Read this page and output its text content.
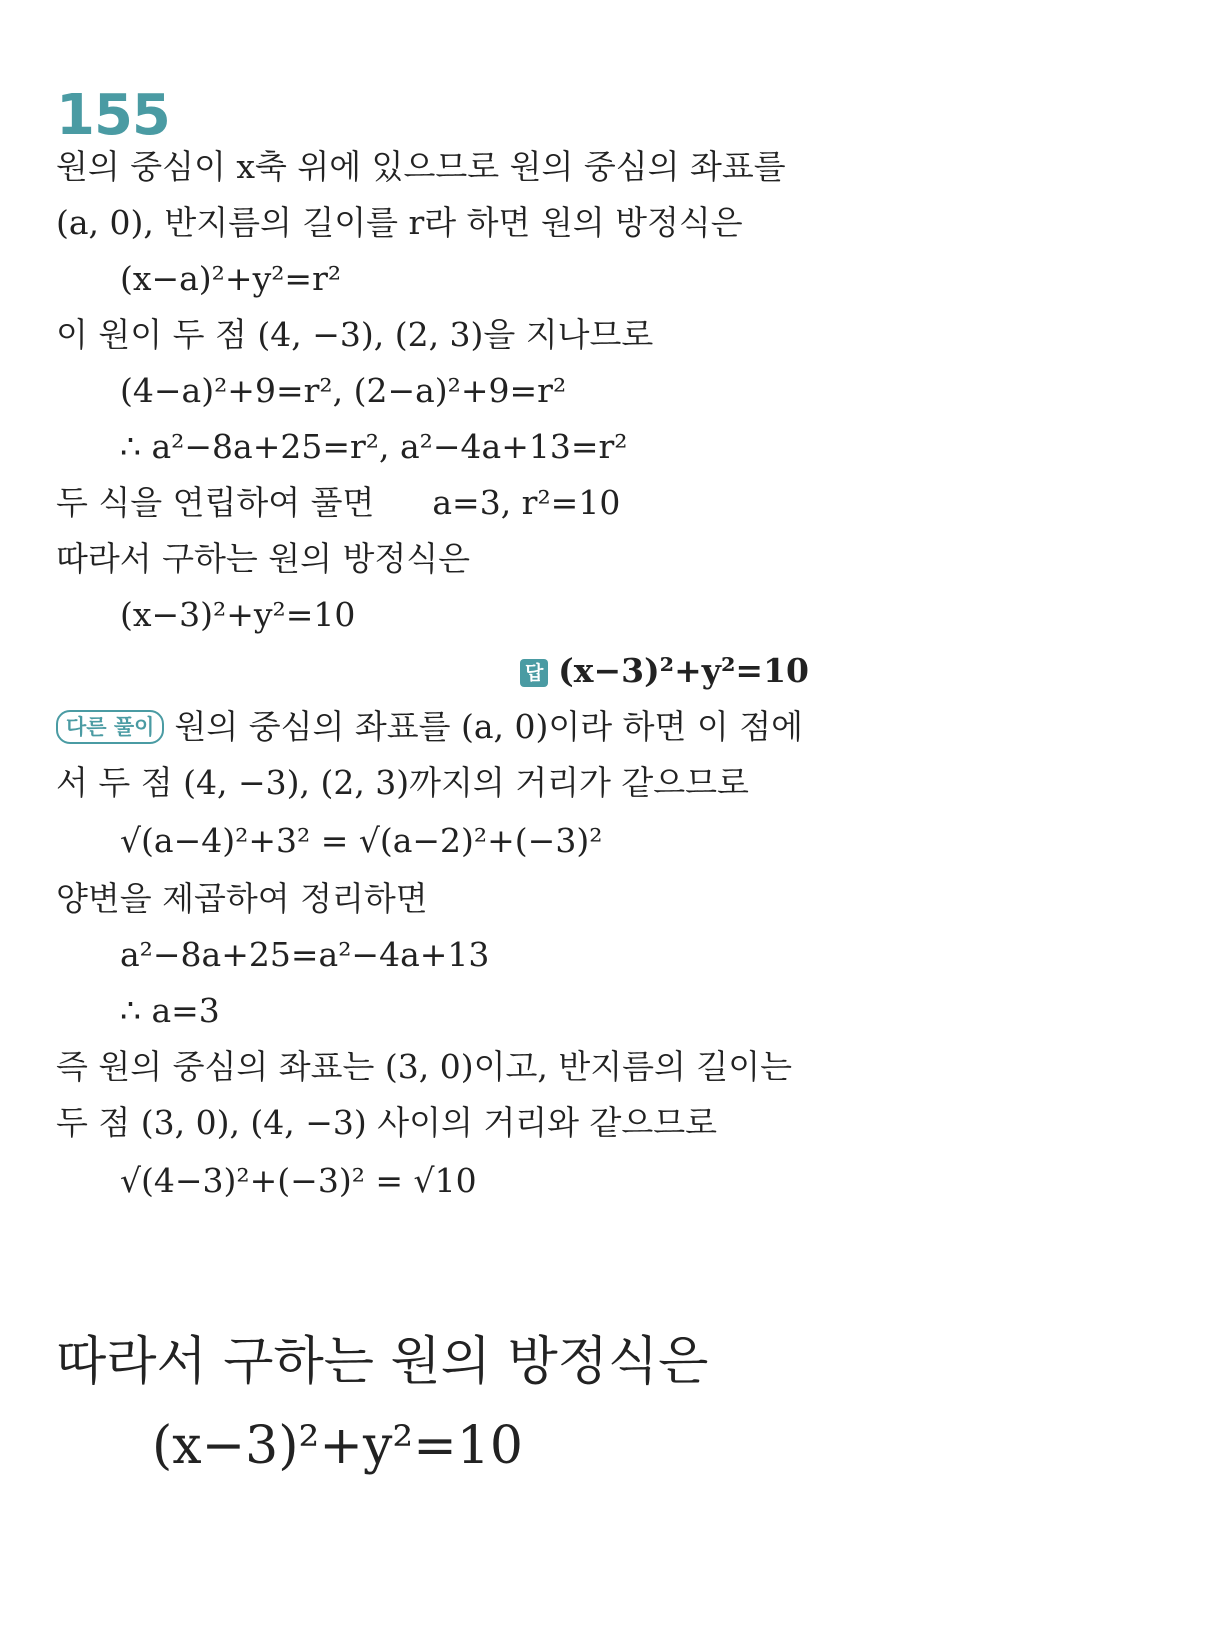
155
원의 중심이 x축 위에 있으므로 원의 중심의 좌표를
(a, 0), 반지름의 길이를 r라 하면 원의 방정식은
(x−a)²+y²=r²
이 원이 두 점 (4, −3), (2, 3)을 지나므로
(4−a)²+9=r², (2−a)²+9=r²
∴ a²−8a+25=r², a²−4a+13=r²
두 식을 연립하여 풀면 a=3, r²=10
따라서 구하는 원의 방정식은
(x−3)²+y²=10
답 (x−3)²+y²=10
다른 풀이 원의 중심의 좌표를 (a, 0)이라 하면 이 점에
서 두 점 (4, −3), (2, 3)까지의 거리가 같으므로
√(a−4)²+3² = √(a−2)²+(−3)²
양변을 제곱하여 정리하면
a²−8a+25=a²−4a+13
∴ a=3
즉 원의 중심의 좌표는 (3, 0)이고, 반지름의 길이는
두 점 (3, 0), (4, −3) 사이의 거리와 같으므로
√(4−3)²+(−3)² = √10
따라서 구하는 원의 방정식은
(x−3)²+y²=10
